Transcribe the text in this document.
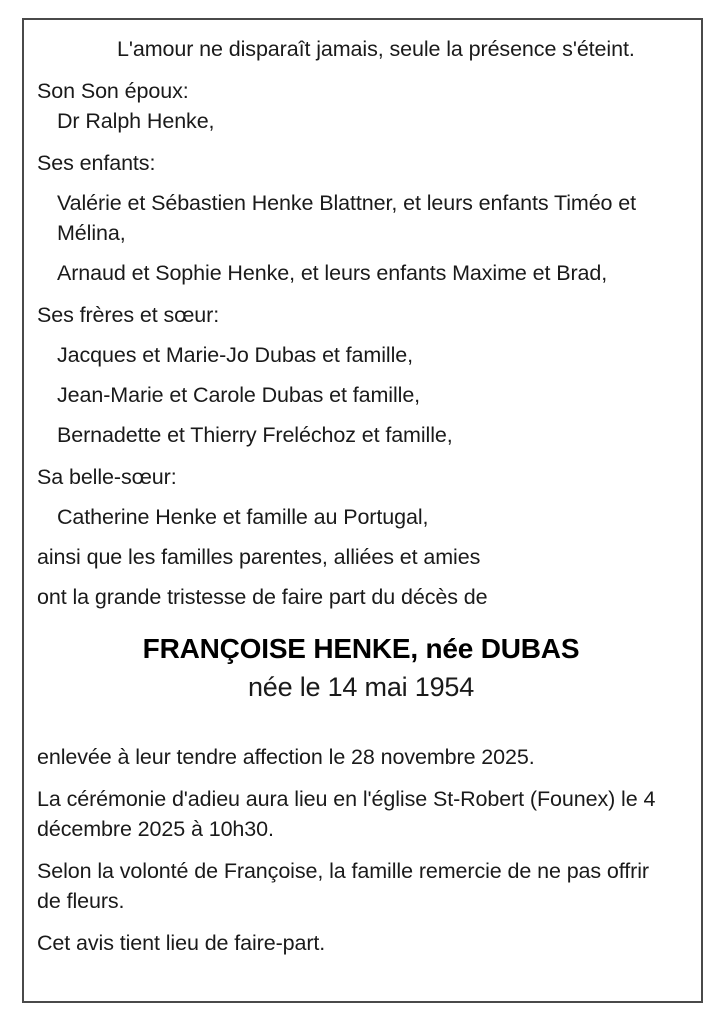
L'amour ne disparaît jamais, seule la présence s'éteint.
Son Son époux:
Dr Ralph Henke,
Ses enfants:
Valérie et Sébastien Henke Blattner, et leurs enfants Timéo et Mélina,
Arnaud et Sophie Henke, et leurs enfants Maxime et Brad,
Ses frères et sœur:
Jacques et Marie-Jo Dubas et famille,
Jean-Marie et Carole Dubas et famille,
Bernadette et Thierry Freléchoz et famille,
Sa belle-sœur:
Catherine Henke et famille au Portugal,
ainsi que les familles parentes, alliées et amies
ont la grande tristesse de faire part du décès de
FRANÇOISE HENKE, née DUBAS
née le 14 mai 1954
enlevée à leur tendre affection le 28 novembre 2025.
La cérémonie d'adieu aura lieu en l'église St-Robert (Founex) le 4 décembre 2025 à 10h30.
Selon la volonté de Françoise, la famille remercie de ne pas offrir de fleurs.
Cet avis tient lieu de faire-part.
